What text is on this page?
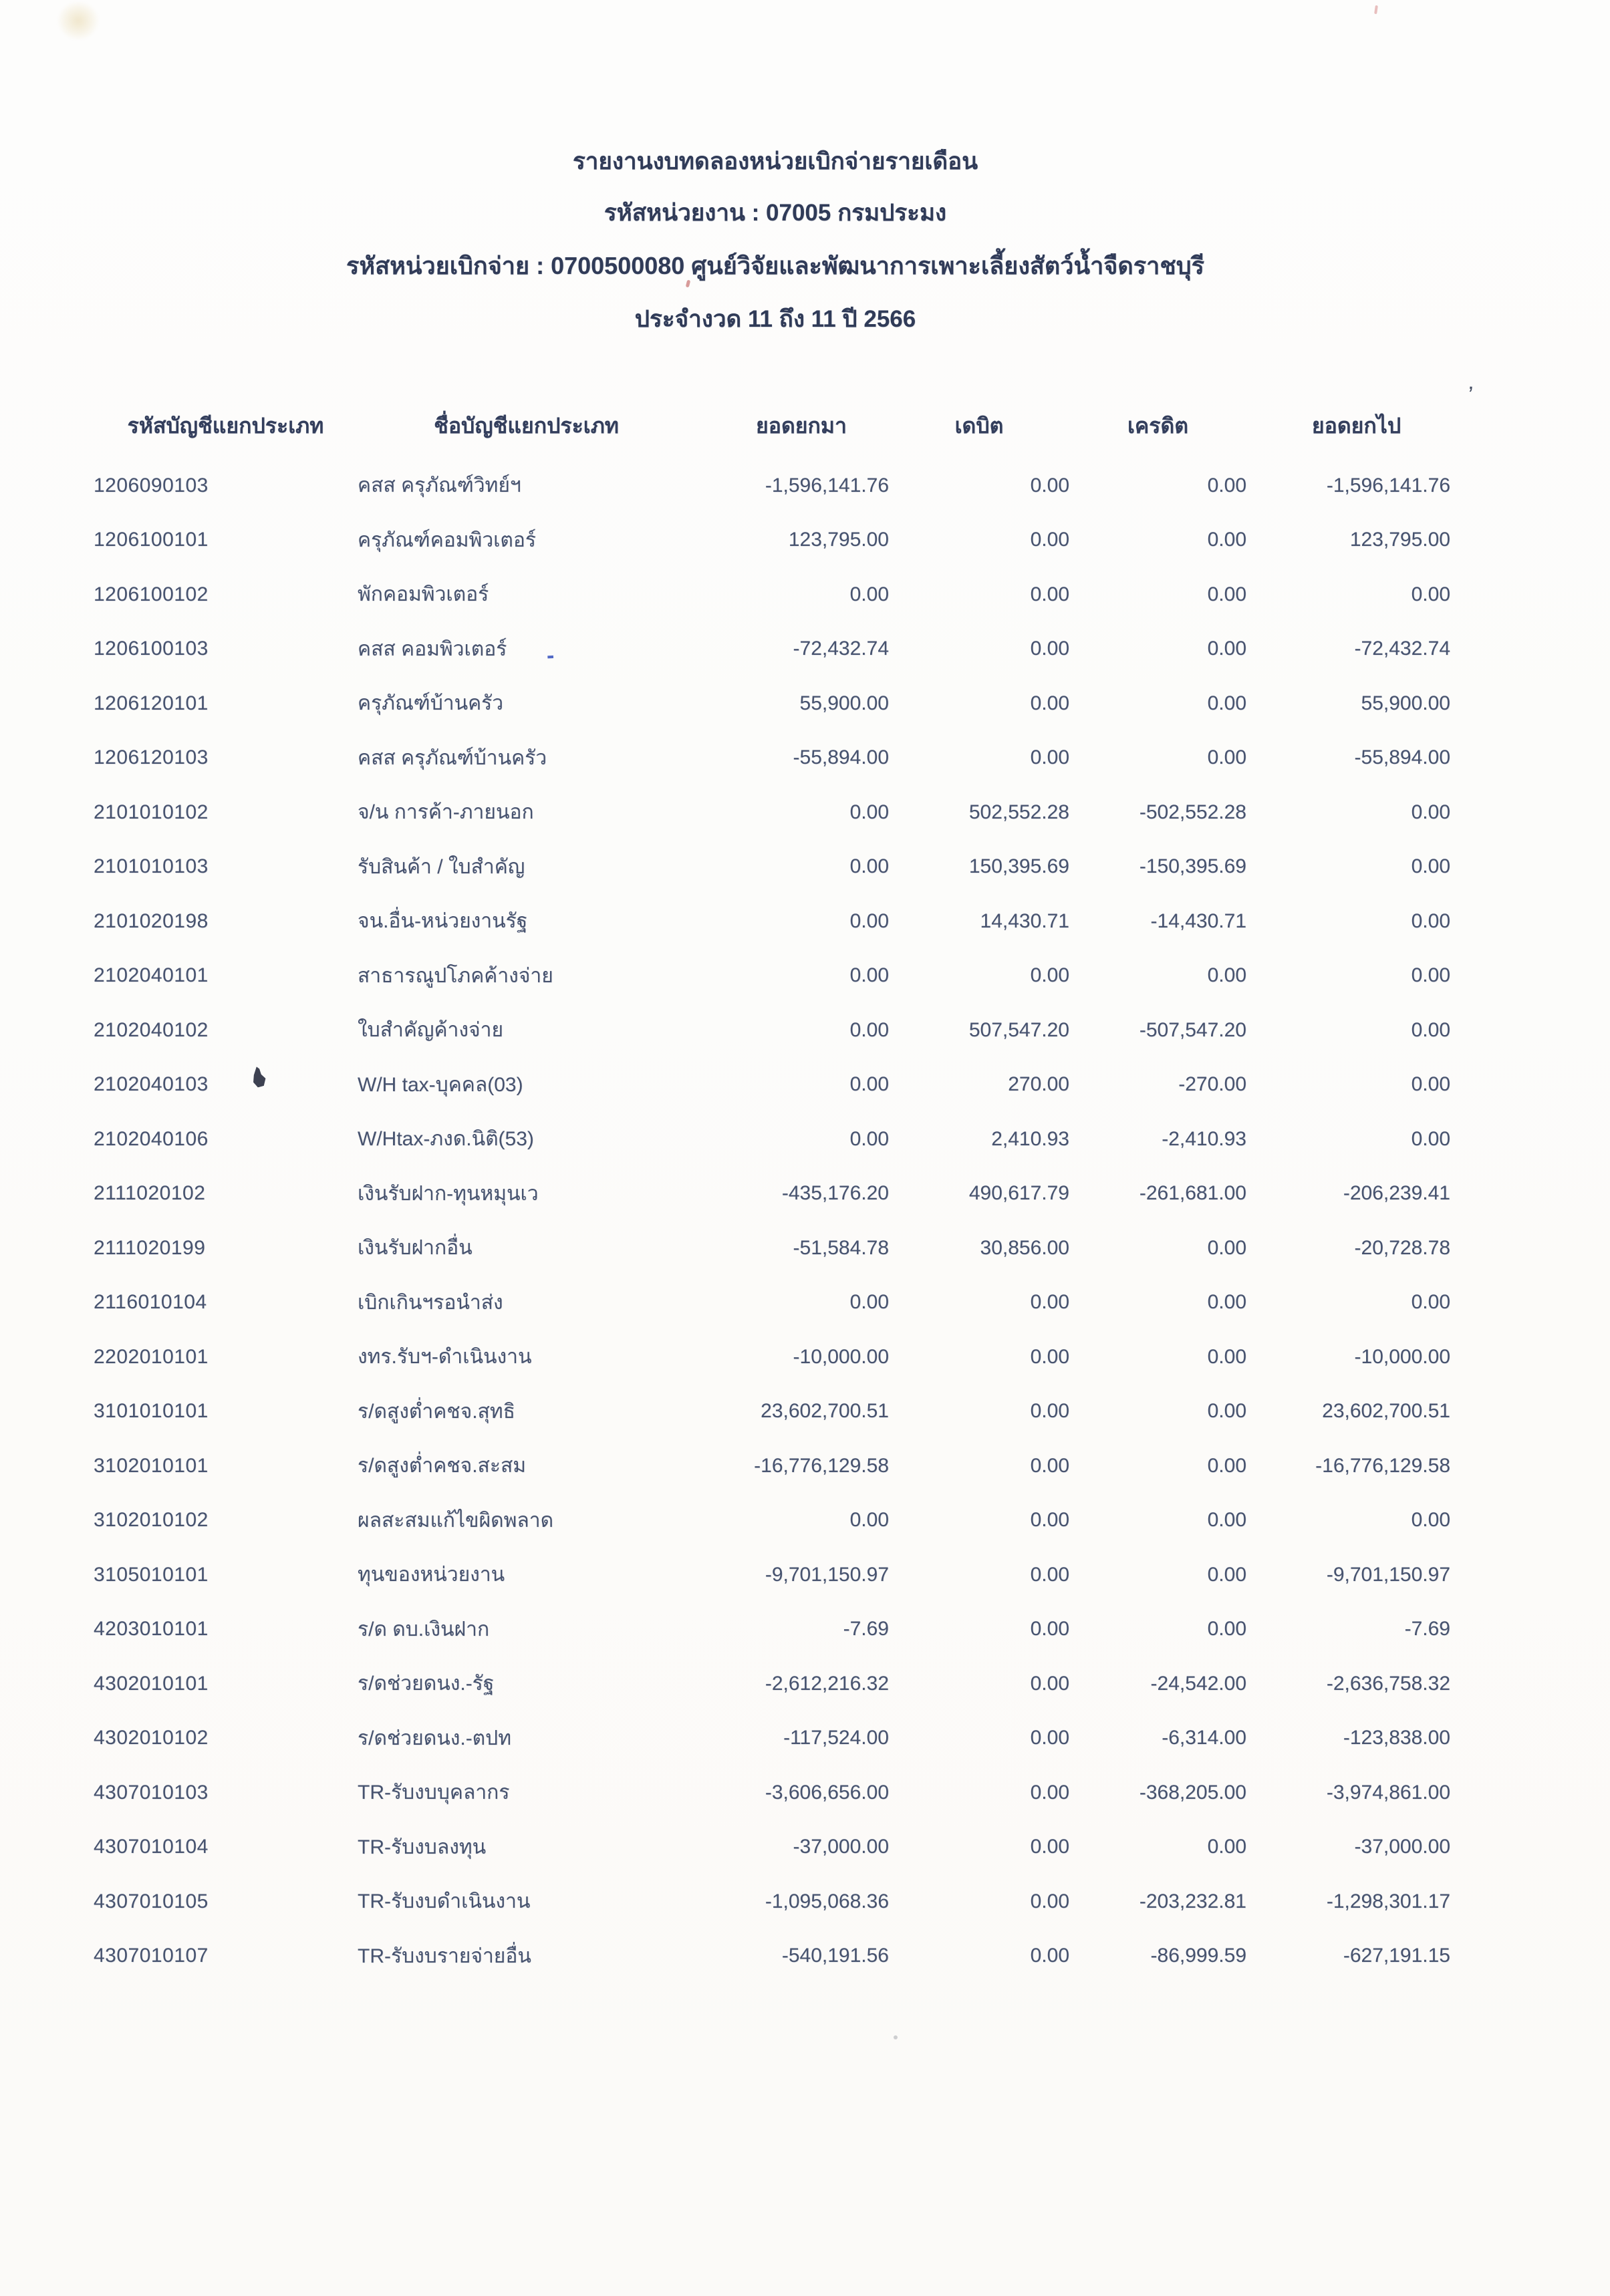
รายงานงบทดลองหน่วยเบิกจ่ายรายเดือน
รหัสหน่วยงาน : 07005 กรมประมง
รหัสหน่วยเบิกจ่าย : 0700500080 ศูนย์วิจัยและพัฒนาการเพาะเลี้ยงสัตว์น้ำจืดราชบุรี
ประจำงวด 11 ถึง 11 ปี 2566
รหัสบัญชีแยกประเภท	ชื่อบัญชีแยกประเภท	ยอดยกมา	เดบิต	เครดิต	ยอดยกไป
1206090103	คสส ครุภัณฑ์วิทย์ฯ	-1,596,141.76	0.00	0.00	-1,596,141.76
1206100101	ครุภัณฑ์คอมพิวเตอร์	123,795.00	0.00	0.00	123,795.00
1206100102	พักคอมพิวเตอร์	0.00	0.00	0.00	0.00
1206100103	คสส คอมพิวเตอร์	-72,432.74	0.00	0.00	-72,432.74
1206120101	ครุภัณฑ์บ้านครัว	55,900.00	0.00	0.00	55,900.00
1206120103	คสส ครุภัณฑ์บ้านครัว	-55,894.00	0.00	0.00	-55,894.00
2101010102	จ/น การค้า-ภายนอก	0.00	502,552.28	-502,552.28	0.00
2101010103	รับสินค้า / ใบสำคัญ	0.00	150,395.69	-150,395.69	0.00
2101020198	จน.อื่น-หน่วยงานรัฐ	0.00	14,430.71	-14,430.71	0.00
2102040101	สาธารณูปโภคค้างจ่าย	0.00	0.00	0.00	0.00
2102040102	ใบสำคัญค้างจ่าย	0.00	507,547.20	-507,547.20	0.00
2102040103	W/H tax-บุคคล(03)	0.00	270.00	-270.00	0.00
2102040106	W/Htax-ภงด.นิติ(53)	0.00	2,410.93	-2,410.93	0.00
2111020102	เงินรับฝาก-ทุนหมุนเว	-435,176.20	490,617.79	-261,681.00	-206,239.41
2111020199	เงินรับฝากอื่น	-51,584.78	30,856.00	0.00	-20,728.78
2116010104	เบิกเกินฯรอนำส่ง	0.00	0.00	0.00	0.00
2202010101	งทร.รับฯ-ดำเนินงาน	-10,000.00	0.00	0.00	-10,000.00
3101010101	ร/ดสูงต่ำคชจ.สุทธิ	23,602,700.51	0.00	0.00	23,602,700.51
3102010101	ร/ดสูงต่ำคชจ.สะสม	-16,776,129.58	0.00	0.00	-16,776,129.58
3102010102	ผลสะสมแก้ไขผิดพลาด	0.00	0.00	0.00	0.00
3105010101	ทุนของหน่วยงาน	-9,701,150.97	0.00	0.00	-9,701,150.97
4203010101	ร/ด ดบ.เงินฝาก	-7.69	0.00	0.00	-7.69
4302010101	ร/ดช่วยดนง.-รัฐ	-2,612,216.32	0.00	-24,542.00	-2,636,758.32
4302010102	ร/ดช่วยดนง.-ตปท	-117,524.00	0.00	-6,314.00	-123,838.00
4307010103	TR-รับงบบุคลากร	-3,606,656.00	0.00	-368,205.00	-3,974,861.00
4307010104	TR-รับงบลงทุน	-37,000.00	0.00	0.00	-37,000.00
4307010105	TR-รับงบดำเนินงาน	-1,095,068.36	0.00	-203,232.81	-1,298,301.17
4307010107	TR-รับงบรายจ่ายอื่น	-540,191.56	0.00	-86,999.59	-627,191.15
-
’
